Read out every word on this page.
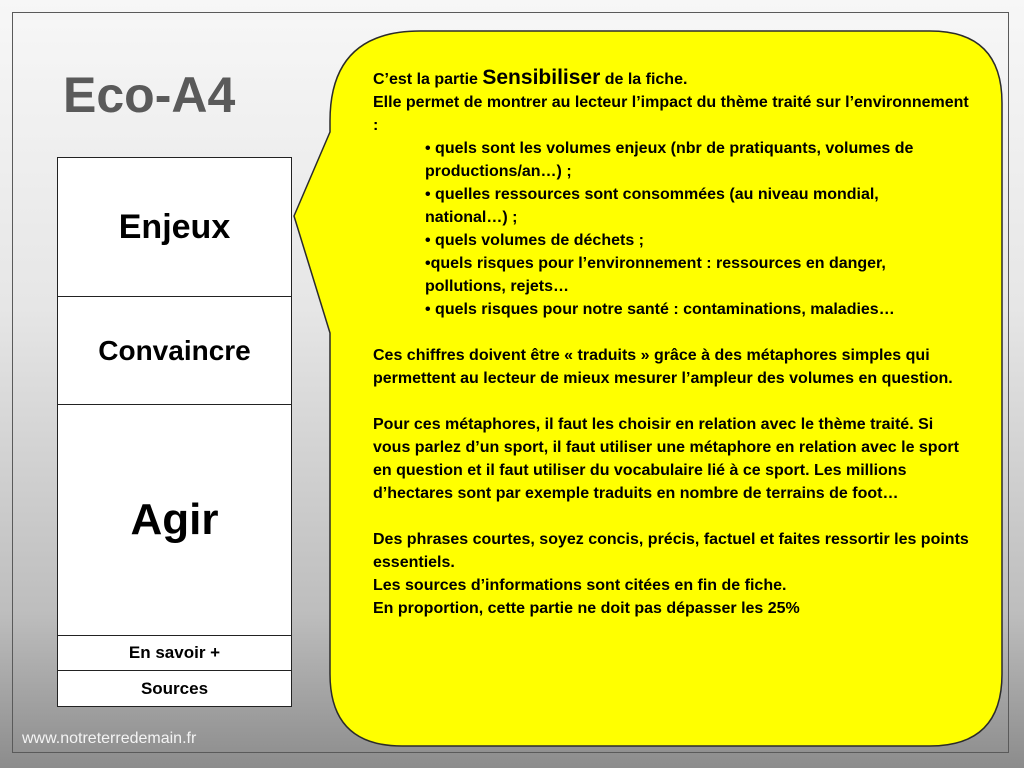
Eco-A4
Enjeux
Convaincre
Agir
En savoir +
Sources

C’est la partie Sensibiliser de la fiche.

Elle permet de montrer au lecteur l’impact du thème traité sur l’environnement :

• quels sont les volumes enjeux (nbr de pratiquants, volumes de productions/an…) ;
• quelles ressources sont consommées (au niveau mondial, national…) ;
• quels volumes de déchets ;
•quels risques pour l’environnement : ressources en danger, pollutions, rejets…
• quels risques pour notre santé : contaminations, maladies…

Ces chiffres doivent être « traduits » grâce à des métaphores simples qui permettent au lecteur de mieux mesurer l’ampleur des volumes en question.

Pour ces métaphores, il faut les choisir en relation avec le thème traité. Si vous parlez d’un sport, il faut utiliser une métaphore en relation avec le sport en question et il faut utiliser du vocabulaire lié à ce sport. Les millions d’hectares sont par exemple traduits en nombre de terrains de foot…

Des phrases courtes, soyez concis, précis, factuel et faites ressortir les points essentiels.

Les sources d’informations sont citées en fin de fiche.

En proportion, cette partie ne doit pas dépasser les 25%

www.notreterredemain.fr
